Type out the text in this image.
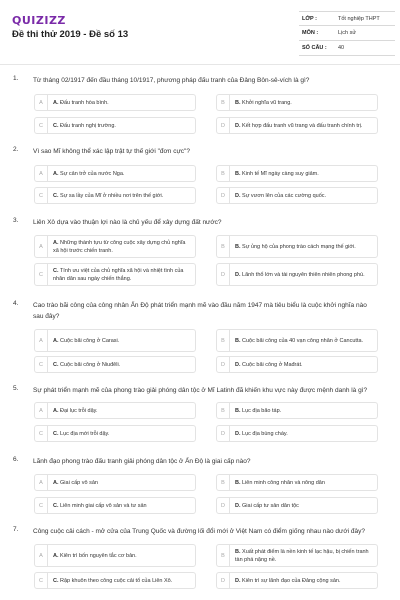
QUIZIZZ
Đề thi thử 2019 - Đề số 13
LỚP :	Tốt nghiệp THPT
MÔN :	Lịch sử
SỐ CÂU : 40
1. Từ tháng 02/1917 đến đầu tháng 10/1917, phương pháp đấu tranh của Đảng Bôn-sê-vích là gì?
A	A. Đấu tranh hòa bình.	B	B. Khởi nghĩa vũ trang.
C	C. Đấu tranh nghị trường.	D	D. Kết hợp đấu tranh vũ trang và đấu tranh chính trị.
2. Vì sao Mĩ không thể xác lập trật tự thế giới "đơn cực"?
A	A. Sự cản trở của nước Nga.	B	B. Kinh tế Mĩ ngày càng suy giảm.
C	C. Sự sa lầy của Mĩ ở nhiều nơi trên thế giới.	D	D. Sự vươn lên của các cường quốc.
3. Liên Xô dựa vào thuận lợi nào là chủ yếu để xây dựng đất nước?
A
A. Những thành tựu từ công cuộc xây dựng chủ nghĩa xã hội trước chiến tranh.
B	B. Sự ủng hộ của phong trào cách mạng thế giới.
C
C. Tính ưu việt của chủ nghĩa xã hội và nhiệt tình của nhân dân sau ngày chiến thắng.
D	D. Lãnh thổ lớn và tài nguyên thiên nhiên phong phú.
4. Cao trào bãi công của công nhân Ấn Độ phát triển mạnh mẽ vào đầu năm 1947 mà tiêu biểu là cuộc khởi nghĩa nào sau đây?
A	A. Cuộc bãi công ở Carasi.	B	B. Cuộc bãi công của 40 vạn công nhân ở Cancutta.
C	C. Cuộc bãi công ở Niuđêli.	D	D. Cuộc bãi công ở Mađrát.
5. Sự phát triển mạnh mẽ của phong trào giải phóng dân tộc ở Mĩ Latinh đã khiến khu vực này được mệnh danh là gì?
A	A. Đại lục trỗi dậy.	B	B. Lục địa bão táp.
C	C. Lục địa mới trỗi dậy.	D	D. Lục địa bùng cháy.
6. Lãnh đạo phong trào đấu tranh giải phóng dân tộc ở Ấn Độ là giai cấp nào?
A	A. Giai cấp vô sản	B	B. Liên minh công nhân và nông dân
C	C. Liên minh giai cấp vô sản và tư sản	D	D. Giai cấp tư sản dân tộc
7. Công cuộc cải cách - mở cửa của Trung Quốc và đường lối đổi mới ở Việt Nam có điểm giống nhau nào dưới đây?
A	A. Kiên trì bốn nguyên tắc cơ bản.	B
B. Xuất phát điểm là nền kinh tế lạc hậu, bị chiến tranh tàn phá nặng nề.
C	C. Rập khuôn theo công cuộc cải tổ của Liên Xô.	D	D. Kiên trì sự lãnh đạo của Đảng cộng sản.
